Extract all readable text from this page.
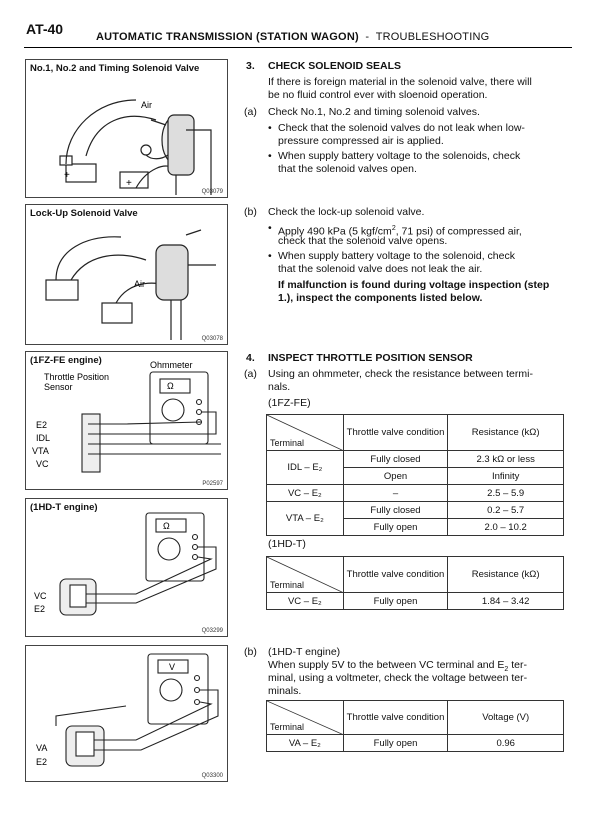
AT-40	AUTOMATIC TRANSMISSION (STATION WAGON) - TROUBLESHOOTING
No.1, No.2 and Timing Solenoid Valve
Air
+
+
Q03079
Lock-Up Solenoid Valve
Air
Q03078
(1FZ-FE engine)
Throttle Position
Sensor
Ohmmeter
Ω
E2
IDL
VTA
VC
P02597
(1HD-T engine)
Ω
VC
E2
Q03299
V
VA
E2
Q03300
3. CHECK SOLENOID SEALS
If there is foreign material in the solenoid valve, there will
be no fluid control ever with sloenoid operation.
(a) Check No.1, No.2 and timing solenoid valves.
• Check that the solenoid valves do not leak when low-
pressure compressed air is applied.
• When supply battery voltage to the solenoids, check
that the solenoid valves open.
(b) Check the lock-up solenoid valve.
• Apply 490 kPa (5 kgf/$cm^2$, 71 psi) of compressed air,
check that the solenoid valve opens.
• When supply battery voltage to the solenoid, check
that the solenoid valve does not leak the air.
If malfunction is found during voltage inspection (step
1.), inspect the components listed below.
4. INSPECT THROTTLE POSITION SENSOR
(a) Using an ohmmeter, check the resistance between termi-
nals.
(1FZ-FE)
Terminal	Throttle valve condition	Resistance (kΩ)
IDL – E₂	Fully closed	2.3 kΩ or less
	Open	Infinity
VC – E₂	–	2.5 – 5.9
VTA – E₂	Fully closed	0.2 – 5.7
	Fully open	2.0 – 10.2
(1HD-T)
Terminal	Throttle valve condition	Resistance (kΩ)
VC – E₂	Fully open	1.84 – 3.42
(b) (1HD-T engine)
When supply 5V to the between VC terminal and $E_2$ ter-
minal, using a voltmeter, check the voltage between ter-
minals.
Terminal	Throttle valve condition	Voltage (V)
VA – E₂	Fully open	0.96
